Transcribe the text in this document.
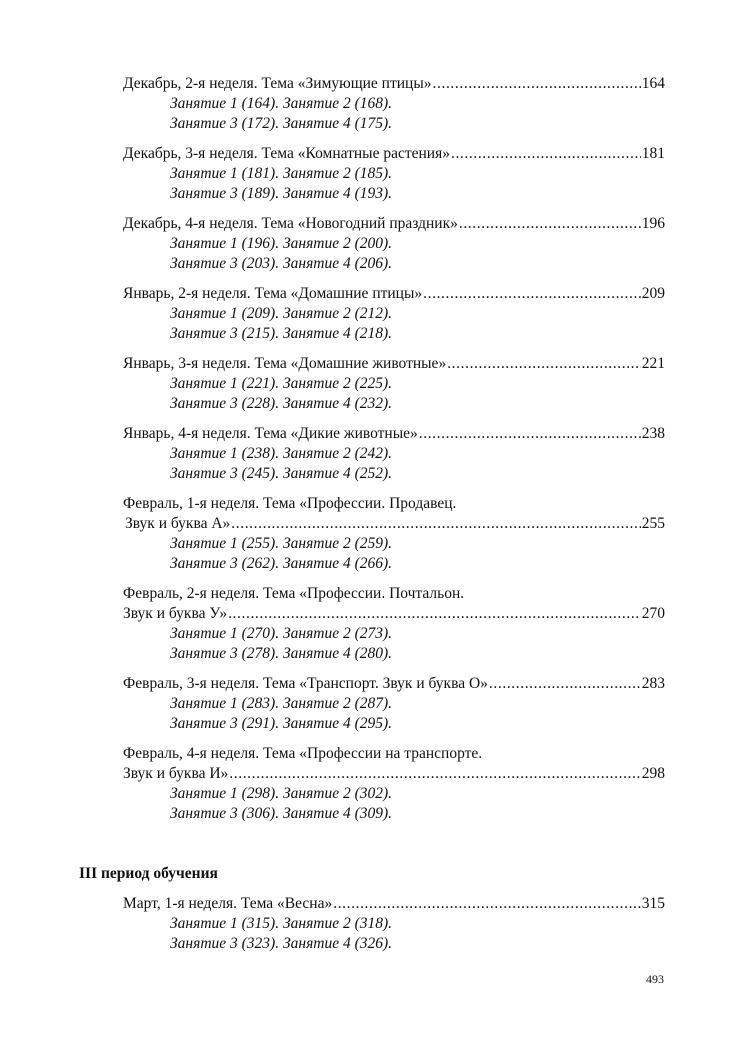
Декабрь, 2-я неделя. Тема «Зимующие птицы» .....	164
Занятие 1 (164). Занятие 2 (168).
Занятие 3 (172). Занятие 4 (175).
Декабрь, 3-я неделя. Тема «Комнатные растения» .....	181
Занятие 1 (181). Занятие 2 (185).
Занятие 3 (189). Занятие 4 (193).
Декабрь, 4-я неделя. Тема «Новогодний праздник» .....	196
Занятие 1 (196). Занятие 2 (200).
Занятие 3 (203). Занятие 4 (206).
Январь, 2-я неделя. Тема «Домашние птицы» .....	209
Занятие 1 (209). Занятие 2 (212).
Занятие 3 (215). Занятие 4 (218).
Январь, 3-я неделя. Тема «Домашние животные» .....	221
Занятие 1 (221). Занятие 2 (225).
Занятие 3 (228). Занятие 4 (232).
Январь, 4-я неделя. Тема «Дикие животные» .....	238
Занятие 1 (238). Занятие 2 (242).
Занятие 3 (245). Занятие 4 (252).
Февраль, 1-я неделя. Тема «Профессии. Продавец.
Звук и буква А» .....	255
Занятие 1 (255). Занятие 2 (259).
Занятие 3 (262). Занятие 4 (266).
Февраль, 2-я неделя. Тема «Профессии. Почтальон.
Звук и буква У» .....	270
Занятие 1 (270). Занятие 2 (273).
Занятие 3 (278). Занятие 4 (280).
Февраль, 3-я неделя. Тема «Транспорт. Звук и буква О» .....	283
Занятие 1 (283). Занятие 2 (287).
Занятие 3 (291). Занятие 4 (295).
Февраль, 4-я неделя. Тема «Профессии на транспорте.
Звук и буква И» .....	298
Занятие 1 (298). Занятие 2 (302).
Занятие 3 (306). Занятие 4 (309).
III период обучения
Март, 1-я неделя. Тема «Весна» .....	315
Занятие 1 (315). Занятие 2 (318).
Занятие 3 (323). Занятие 4 (326).
493
